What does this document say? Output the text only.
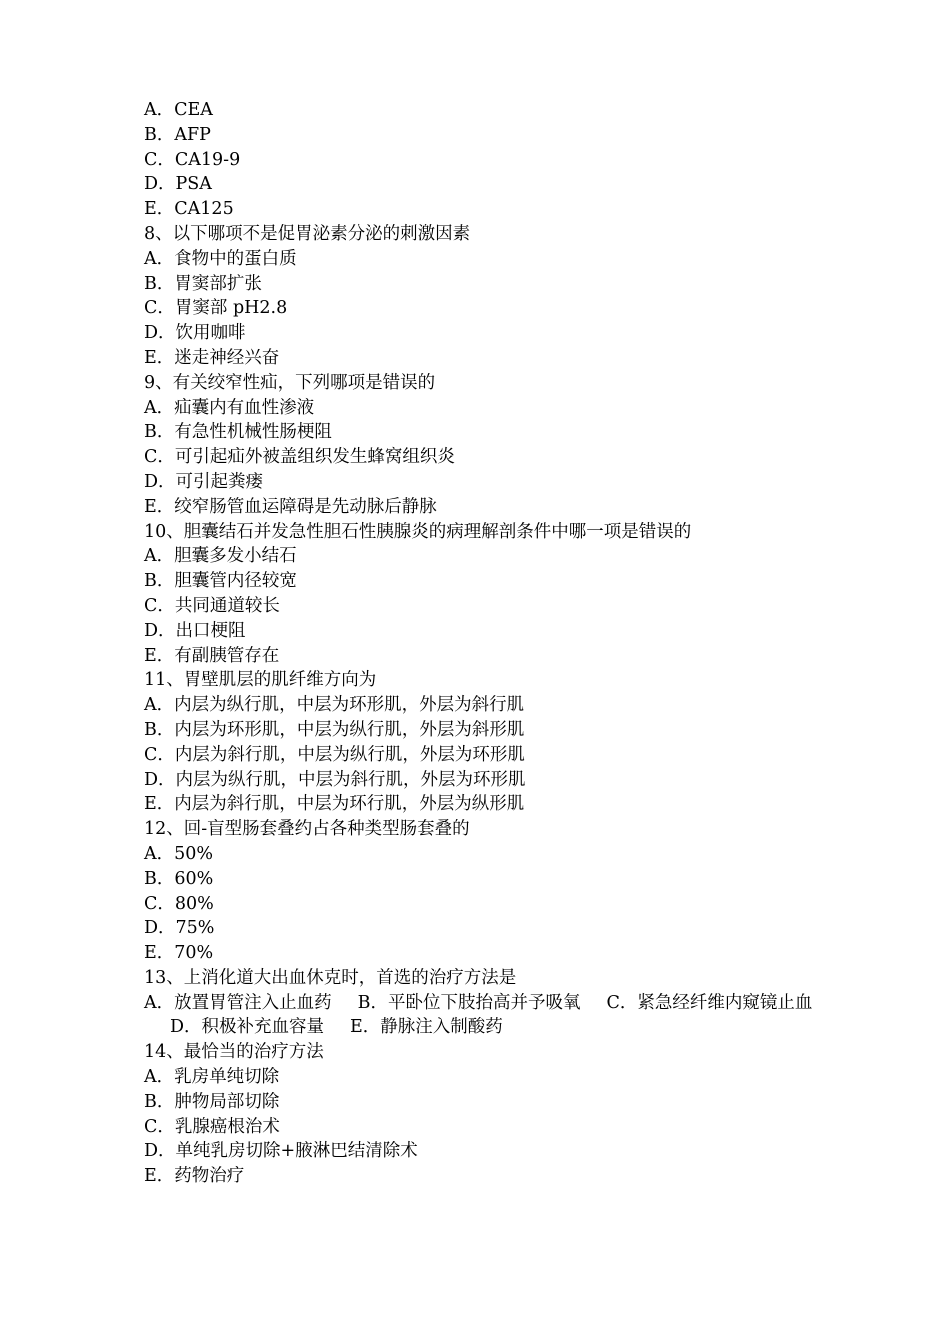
A．CEA
B．AFP
C．CA19-9
D．PSA
E．CA125
8、以下哪项不是促胃泌素分泌的刺激因素
A．食物中的蛋白质
B．胃窦部扩张
C．胃窦部 pH2.8
D．饮用咖啡
E．迷走神经兴奋
9、有关绞窄性疝，下列哪项是错误的
A．疝囊内有血性渗液
B．有急性机械性肠梗阻
C．可引起疝外被盖组织发生蜂窝组织炎
D．可引起粪瘘
E．绞窄肠管血运障碍是先动脉后静脉
10、胆囊结石并发急性胆石性胰腺炎的病理解剖条件中哪一项是错误的
A．胆囊多发小结石
B．胆囊管内径较宽
C．共同通道较长
D．出口梗阻
E．有副胰管存在
11、胃壁肌层的肌纤维方向为
A．内层为纵行肌，中层为环形肌，外层为斜行肌
B．内层为环形肌，中层为纵行肌，外层为斜形肌
C．内层为斜行肌，中层为纵行肌，外层为环形肌
D．内层为纵行肌，中层为斜行肌，外层为环形肌
E．内层为斜行肌，中层为环行肌，外层为纵形肌
12、回-盲型肠套叠约占各种类型肠套叠的
A．50%
B．60%
C．80%
D．75%
E．70%
13、上消化道大出血休克时，首选的治疗方法是
A．放置胃管注入止血药 B．平卧位下肢抬高并予吸氧 C．紧急经纤维内窥镜止血D．积极补充血容量 E．静脉注入制酸药
14、最恰当的治疗方法
A．乳房单纯切除
B．肿物局部切除
C．乳腺癌根治术
D．单纯乳房切除+腋淋巴结清除术
E．药物治疗
